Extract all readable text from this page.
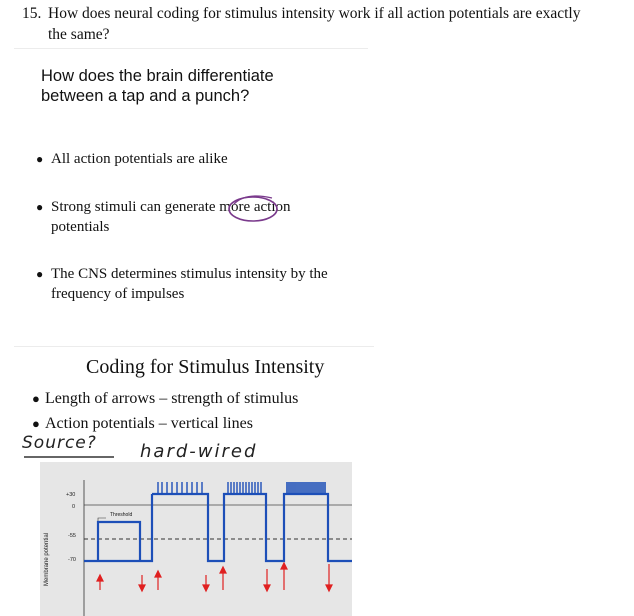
15. How does neural coding for stimulus intensity work if all action potentials are exactly
the same?
How does the brain differentiate
between a tap and a punch?
● All action potentials are alike
● Strong stimuli can generate more action
potentials
● The CNS determines stimulus intensity by the
frequency of impulses
Coding for Stimulus Intensity
● Length of arrows – strength of stimulus
● Action potentials – vertical lines
Source? hard-wired
Membrane potential
+30
0
-55
-70
Threshold
